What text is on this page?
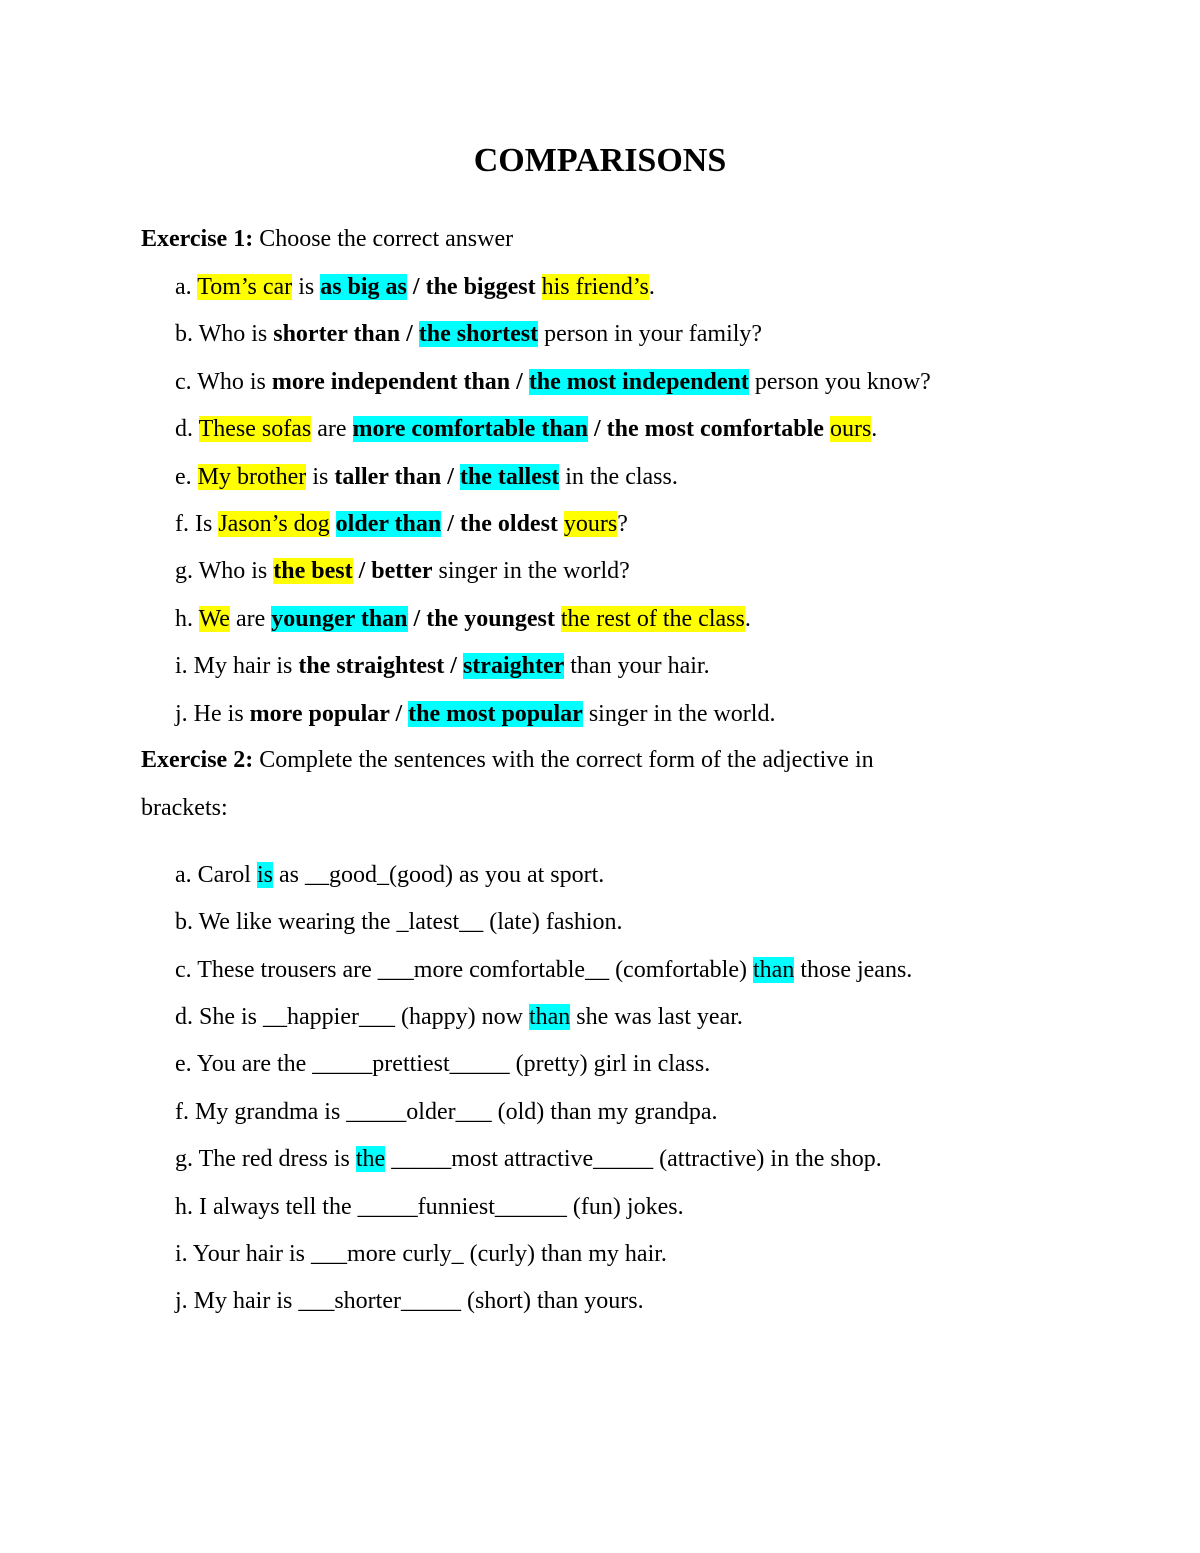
COMPARISONS

Exercise 1: Choose the correct answer

a. Tom’s car is as big as / the biggest his friend’s.

b. Who is shorter than / the shortest person in your family?

c. Who is more independent than / the most independent person you know?

d. These sofas are more comfortable than / the most comfortable ours.

e. My brother is taller than / the tallest in the class.

f. Is Jason’s dog older than / the oldest yours?

g. Who is the best / better singer in the world?

h. We are younger than / the youngest the rest of the class.

i. My hair is the straightest / straighter than your hair.

j. He is more popular / the most popular singer in the world.

Exercise 2: Complete the sentences with the correct form of the adjective in

brackets:

a. Carol is as __good_(good) as you at sport.

b. We like wearing the _latest__ (late) fashion.

c. These trousers are ___more comfortable__ (comfortable) than those jeans.

d. She is __happier___ (happy) now than she was last year.

e. You are the _____prettiest_____ (pretty) girl in class.

f. My grandma is _____older___ (old) than my grandpa.

g. The red dress is the _____most attractive_____ (attractive) in the shop.

h. I always tell the _____funniest______ (fun) jokes.

i. Your hair is ___more curly_ (curly) than my hair.

j. My hair is ___shorter_____ (short) than yours.
